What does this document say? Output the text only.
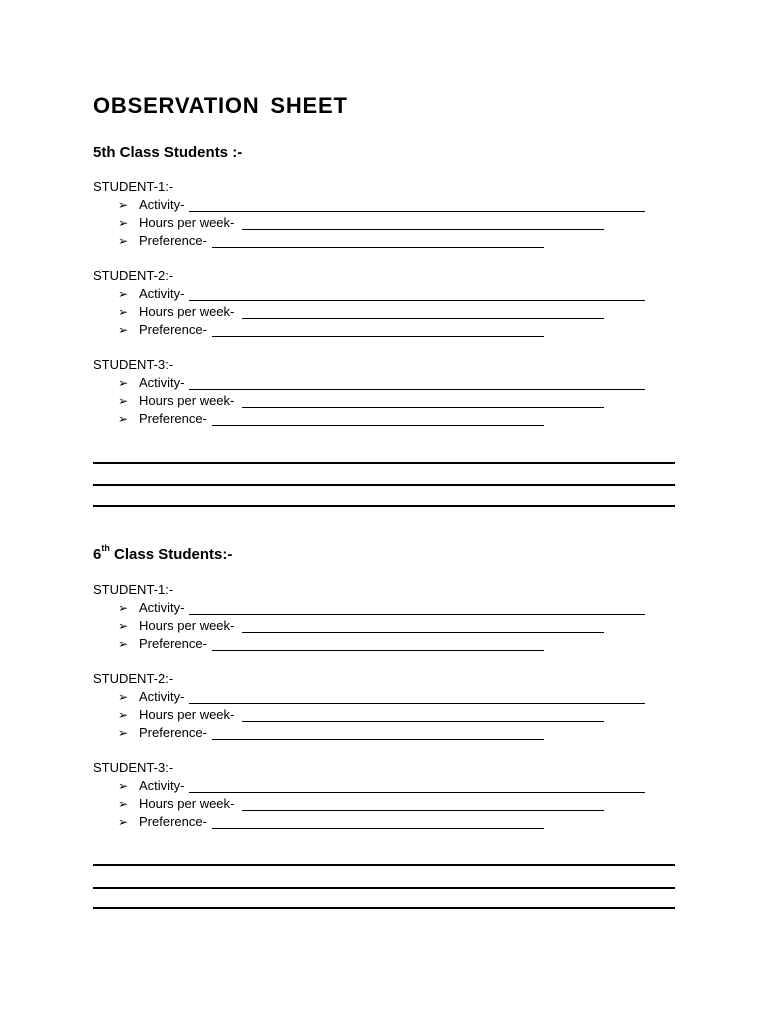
OBSERVATION SHEET
5th Class Students :-
STUDENT-1:-
➢ Activity-
➢ Hours per week-
➢ Preference-
STUDENT-2:-
➢ Activity-
➢ Hours per week-
➢ Preference-
STUDENT-3:-
➢ Activity-
➢ Hours per week-
➢ Preference-
6th Class Students:-
STUDENT-1:-
➢ Activity-
➢ Hours per week-
➢ Preference-
STUDENT-2:-
➢ Activity-
➢ Hours per week-
➢ Preference-
STUDENT-3:-
➢ Activity-
➢ Hours per week-
➢ Preference-
